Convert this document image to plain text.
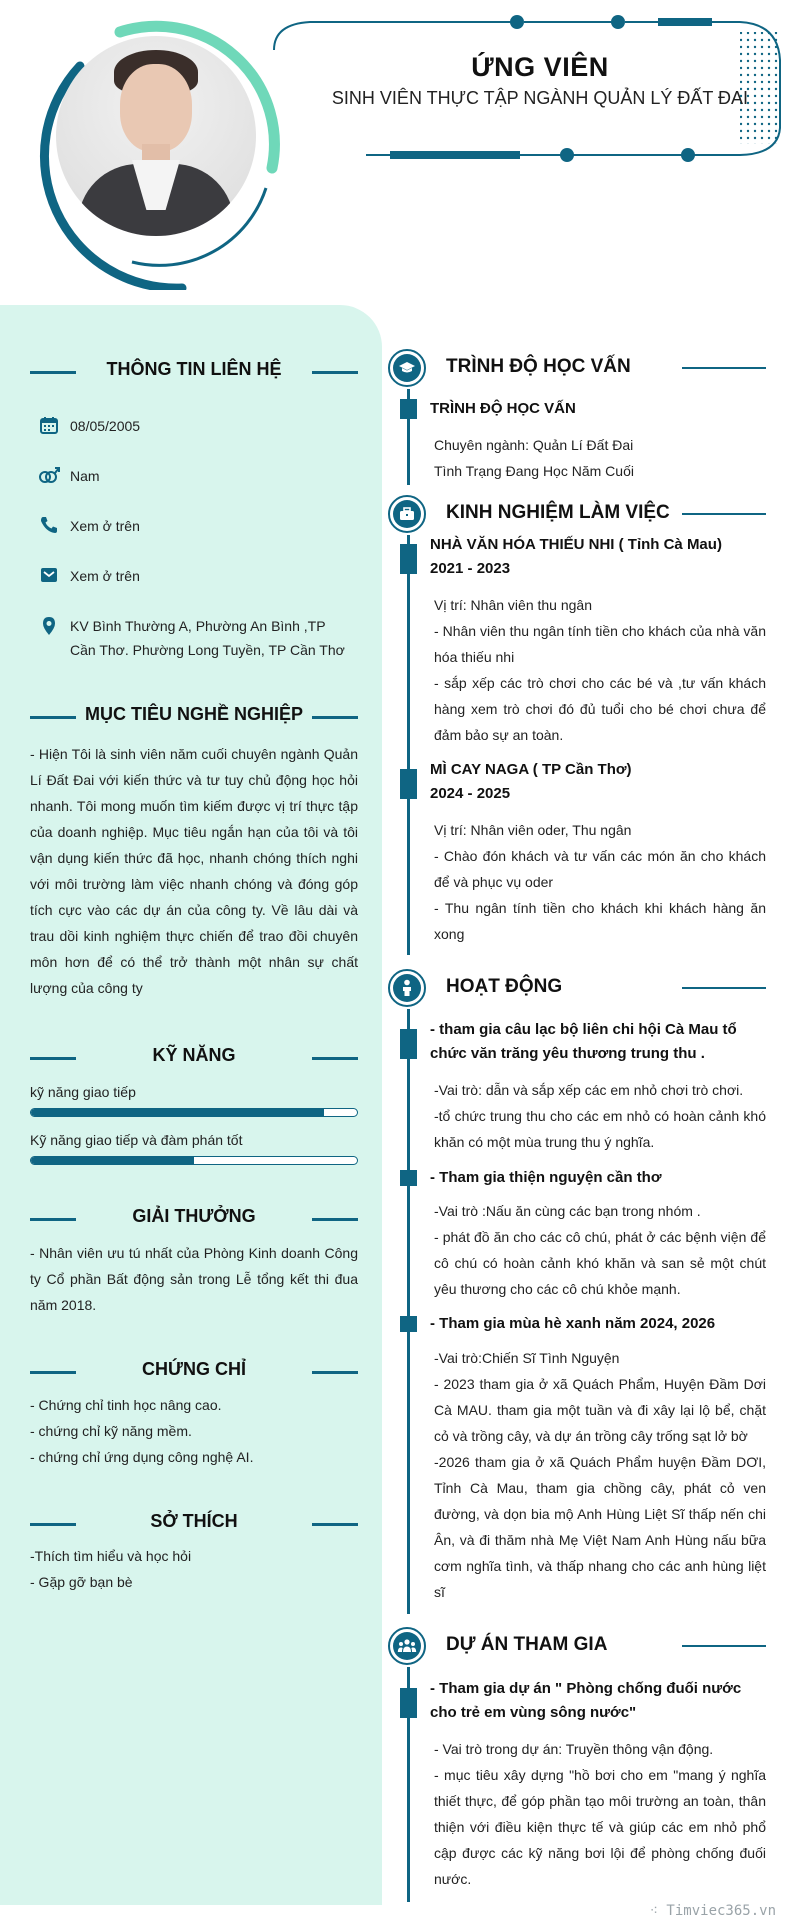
ỨNG VIÊN
SINH VIÊN THỰC TẬP NGÀNH QUẢN LÝ ĐẤT ĐAI
THÔNG TIN LIÊN HỆ
08/05/2005
Nam
Xem ở trên
Xem ở trên
KV Bình Thường A, Phường An Bình ,TP Cần Thơ. Phường Long Tuyền, TP Cần Thơ
MỤC TIÊU NGHỀ NGHIỆP
- Hiện Tôi là sinh viên năm cuối chuyên ngành Quản Lí Đất Đai với kiến thức và tư tuy chủ động học hỏi nhanh. Tôi mong muốn tìm kiếm được vị trí thực tập của doanh nghiệp. Mục tiêu ngắn hạn của tôi và tôi vận dụng kiến thức đã học, nhanh chóng thích nghi với môi trường làm việc nhanh chóng và đóng góp tích cực vào các dự án của công ty. Về lâu dài và trau dồi kinh nghiệm thực chiến để trao đồi chuyên môn hơn để có thể trở thành một nhân sự chất lượng của công ty
KỸ NĂNG
kỹ năng giao tiếp
Kỹ năng giao tiếp và đàm phán tốt
GIẢI THƯỞNG
- Nhân viên ưu tú nhất của Phòng Kinh doanh Công ty Cổ phần Bất động sản trong Lễ tổng kết thi đua năm 2018.
CHỨNG CHỈ
- Chứng chỉ tinh học nâng cao.
- chứng chỉ kỹ năng mềm.
- chứng chỉ ứng dụng công nghệ AI.
SỞ THÍCH
-Thích tìm hiểu và học hỏi
- Gặp gỡ bạn bè
TRÌNH ĐỘ HỌC VẤN
TRÌNH ĐỘ HỌC VẤN
Chuyên ngành: Quản Lí Đất Đai
Tình Trạng Đang Học Năm Cuối
KINH NGHIỆM LÀM VIỆC
NHÀ VĂN HÓA THIẾU NHI ( Tỉnh Cà Mau)
2021 - 2023
Vị trí: Nhân viên thu ngân
- Nhân viên thu ngân tính tiền cho khách của nhà văn hóa thiếu nhi
- sắp xếp các trò chơi cho các bé và ,tư vấn khách hàng xem trò chơi đó đủ tuổi cho bé chơi chưa để đảm bảo sự an toàn.
MÌ CAY NAGA ( TP Cần Thơ)
2024 - 2025
Vị trí: Nhân viên oder, Thu ngân
- Chào đón khách và tư vấn các món ăn cho khách để và phục vụ oder
- Thu ngân tính tiền cho khách khi khách hàng ăn xong
HOẠT ĐỘNG
- tham gia câu lạc bộ liên chi hội Cà Mau tổ chức văn trăng yêu thương trung thu .
-Vai trò: dẫn và sắp xếp các em nhỏ chơi trò chơi.
-tổ chức trung thu cho các em nhỏ có hoàn cảnh khó khăn có một mùa trung thu ý nghĩa.
- Tham gia thiện nguyện cần thơ
-Vai trò :Nấu ăn cùng các bạn trong nhóm .
- phát đồ ăn cho các cô chú, phát ở các bệnh viện để cô chú có hoàn cảnh khó khăn và san sẻ một chút yêu thương cho các cô chú khỏe mạnh.
- Tham gia mùa hè xanh năm 2024, 2026
-Vai trò:Chiến Sĩ Tình Nguyện
- 2023 tham gia ở xã Quách Phẩm, Huyện Đầm Dơi Cà MAU. tham gia một tuần và đi xây lại lộ bể, chặt cỏ và trồng cây, và dự án trồng cây trống sạt lở bờ
-2026 tham gia ở xã Quách Phẩm huyện Đầm DƠI, Tỉnh Cà Mau, tham gia chồng cây, phát cỏ ven đường, và dọn bia mộ Anh Hùng Liệt Sĩ thấp nến chi Ân, và đi thăm nhà Mẹ Việt Nam Anh Hùng nấu bữa cơm nghĩa tình, và thấp nhang cho các anh hùng liệt sĩ
DỰ ÁN THAM GIA
- Tham gia dự án " Phòng chống đuối nước cho trẻ em vùng sông nước"
- Vai trò trong dự án: Truyền thông vận động.
- mục tiêu xây dựng "hồ bơi cho em "mang ý nghĩa thiết thực, để góp phần tạo môi trường an toàn, thân thiện với điều kiện thực tế và giúp các em nhỏ phổ cập được các kỹ năng bơi lội để phòng chống đuối nước.
⁖ Timviec365.vn
